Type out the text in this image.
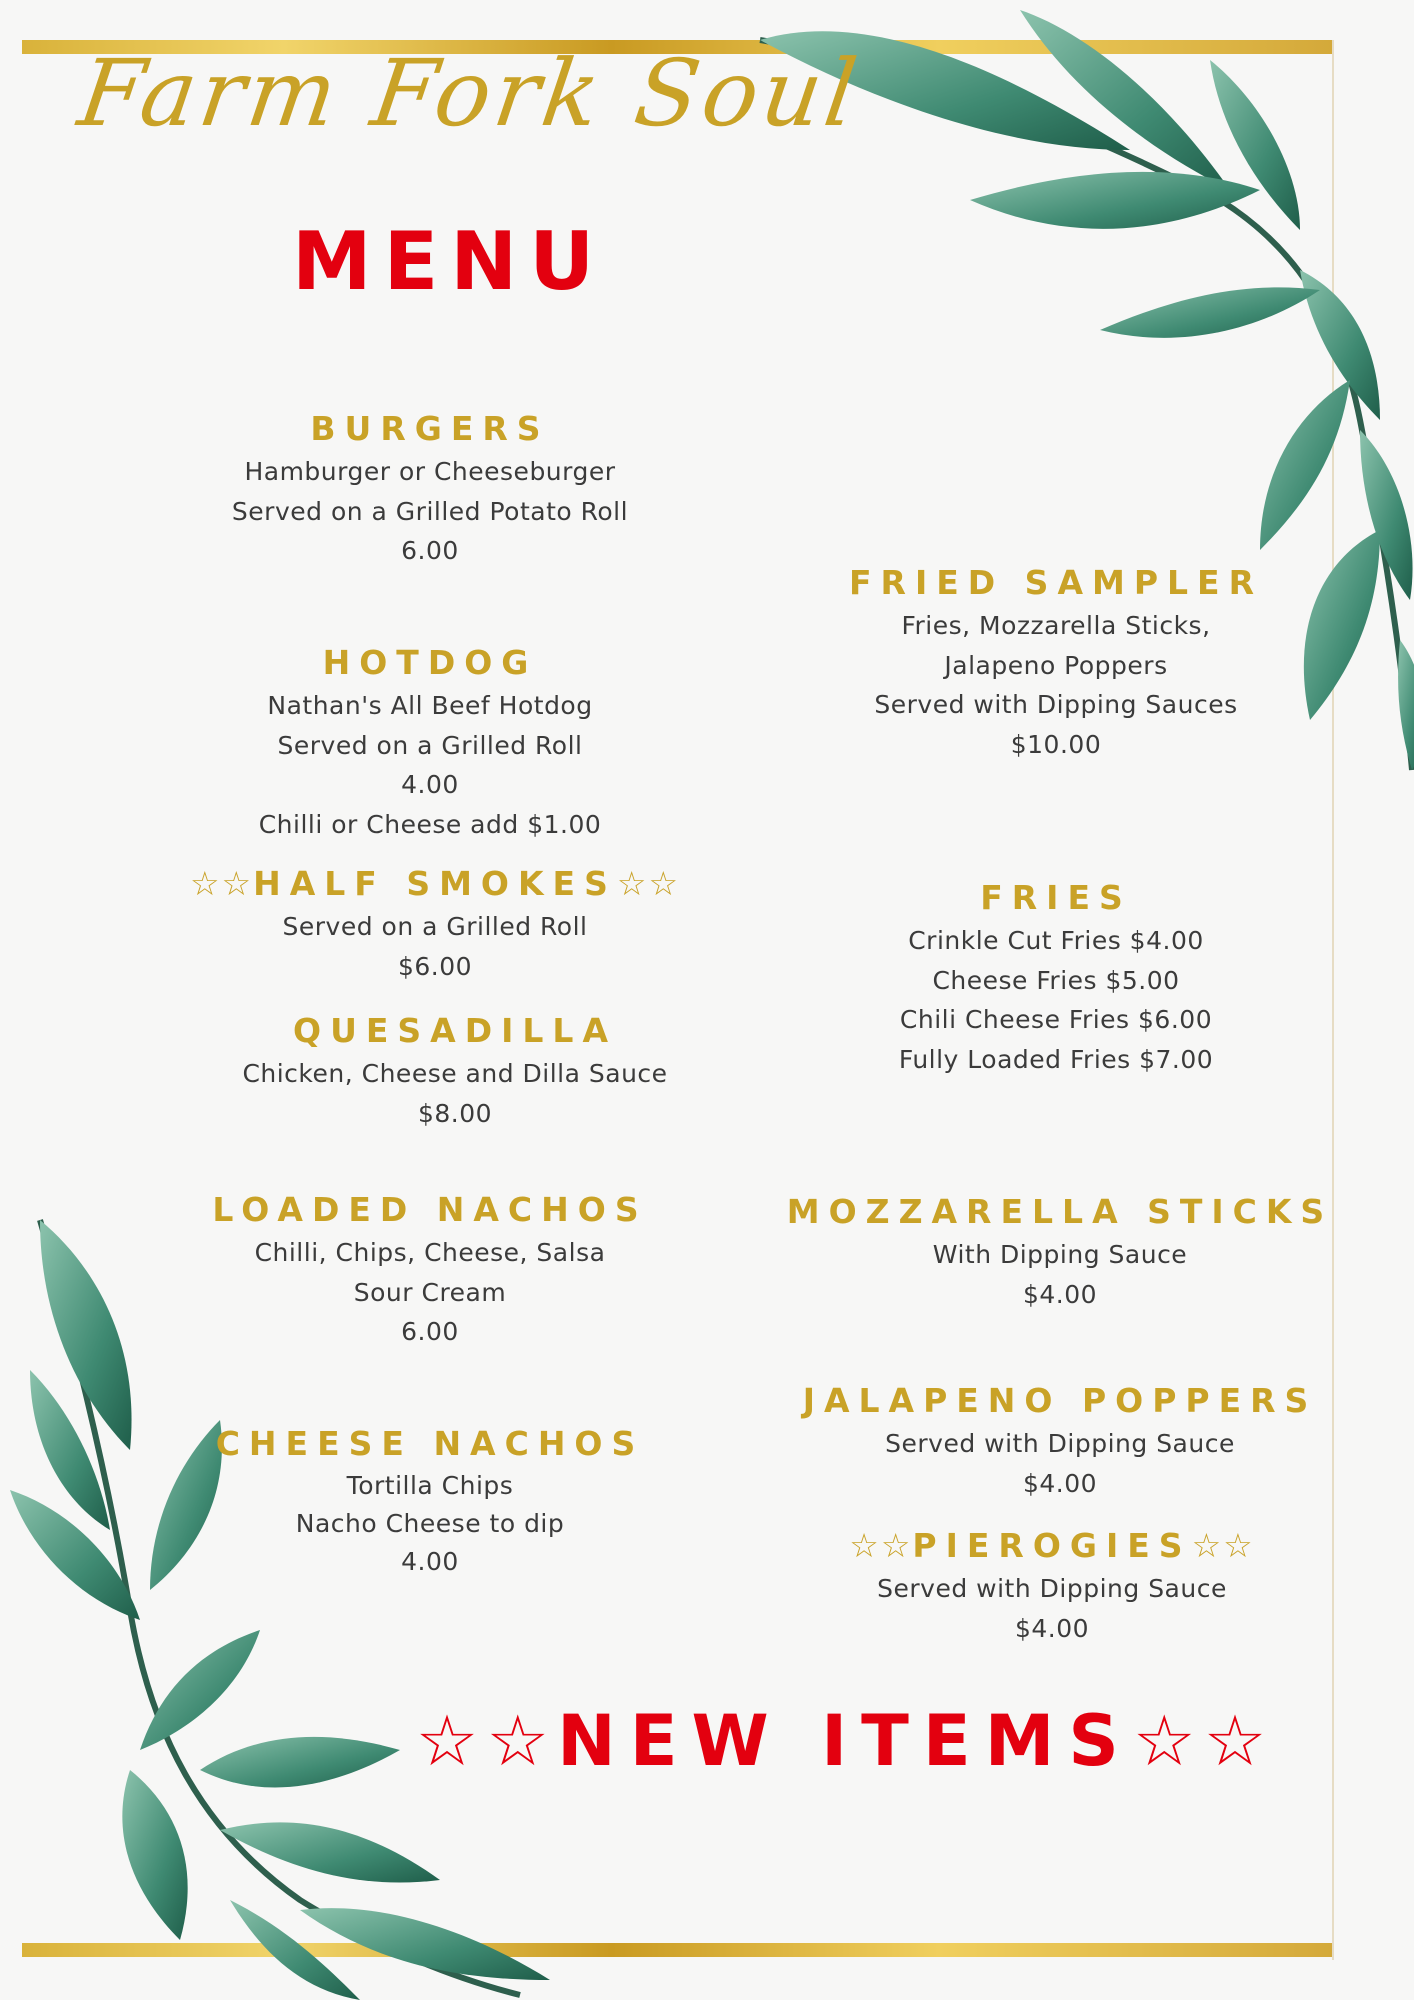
Farm Fork Soul
MENU
BURGERS
Hamburger or Cheeseburger
Served on a Grilled Potato Roll
6.00
HOTDOG
Nathan's All Beef Hotdog
Served on a Grilled Roll
4.00
Chilli or Cheese add $1.00
☆☆HALF SMOKES☆☆
Served on a Grilled Roll
$6.00
QUESADILLA
Chicken, Cheese and Dilla Sauce
$8.00
LOADED NACHOS
Chilli, Chips, Cheese, Salsa
Sour Cream
6.00
CHEESE NACHOS
Tortilla Chips
Nacho Cheese to dip
4.00
FRIED SAMPLER
Fries, Mozzarella Sticks,
Jalapeno Poppers
Served with Dipping Sauces
$10.00
FRIES
Crinkle Cut Fries $4.00
Cheese Fries $5.00
Chili Cheese Fries $6.00
Fully Loaded Fries $7.00
MOZZARELLA STICKS
With Dipping Sauce
$4.00
JALAPENO POPPERS
Served with Dipping Sauce
$4.00
☆☆PIEROGIES☆☆
Served with Dipping Sauce
$4.00
☆☆NEW ITEMS☆☆
